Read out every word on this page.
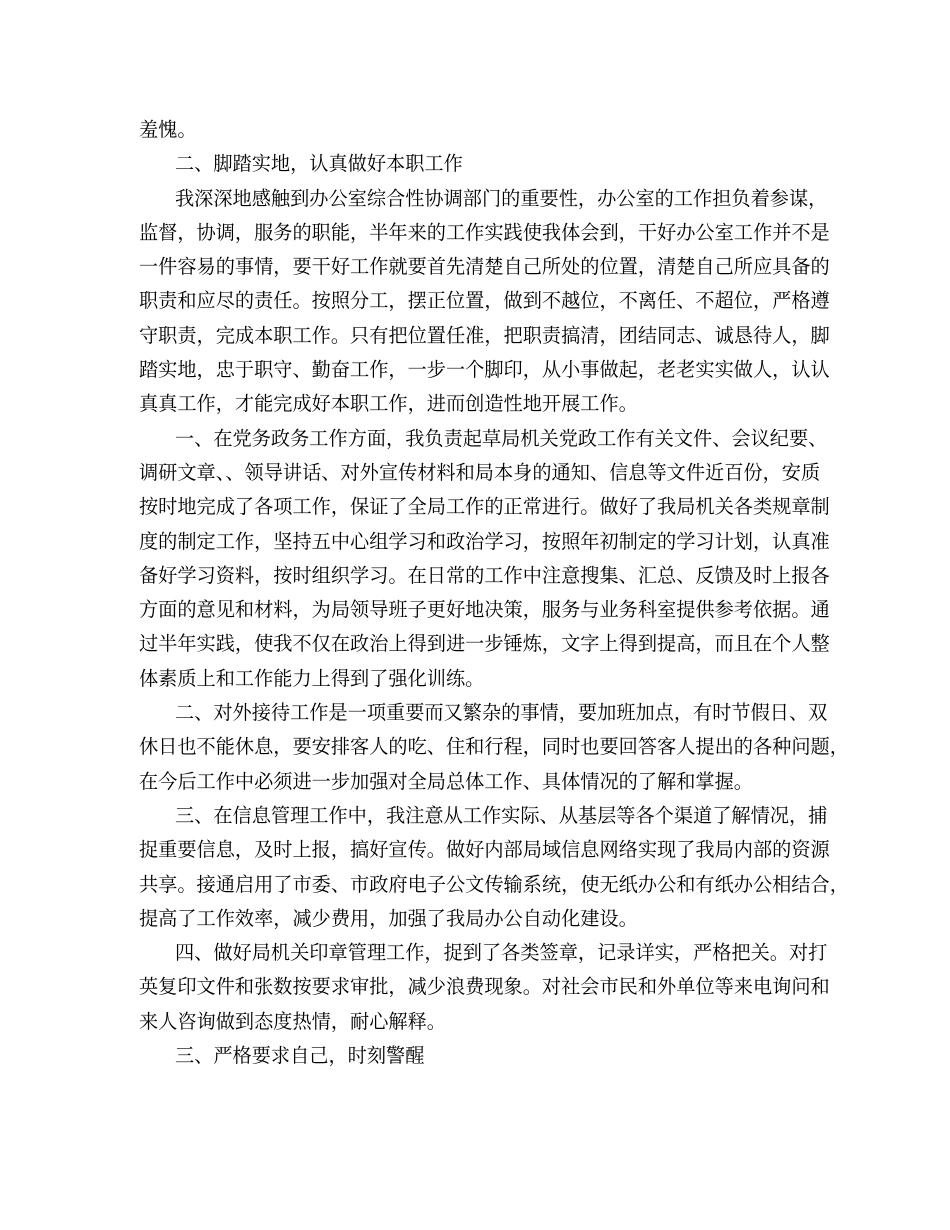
羞愧。
二、脚踏实地，认真做好本职工作
我深深地感触到办公室综合性协调部门的重要性，办公室的工作担负着参谋，
监督，协调，服务的职能，半年来的工作实践使我体会到，干好办公室工作并不是
一件容易的事情，要干好工作就要首先清楚自己所处的位置，清楚自己所应具备的
职责和应尽的责任。按照分工，摆正位置，做到不越位，不离任、不超位，严格遵
守职责，完成本职工作。只有把位置任准，把职责搞清，团结同志、诚恳待人，脚
踏实地，忠于职守、勤奋工作，一步一个脚印，从小事做起，老老实实做人，认认
真真工作，才能完成好本职工作，进而创造性地开展工作。
一、在党务政务工作方面，我负责起草局机关党政工作有关文件、会议纪要、
调研文章、、领导讲话、对外宣传材料和局本身的通知、信息等文件近百份，安质
按时地完成了各项工作，保证了全局工作的正常进行。做好了我局机关各类规章制
度的制定工作，坚持五中心组学习和政治学习，按照年初制定的学习计划，认真准
备好学习资料，按时组织学习。在日常的工作中注意搜集、汇总、反馈及时上报各
方面的意见和材料，为局领导班子更好地决策，服务与业务科室提供参考依据。通
过半年实践，使我不仅在政治上得到进一步锤炼，文字上得到提高，而且在个人整
体素质上和工作能力上得到了强化训练。
二、对外接待工作是一项重要而又繁杂的事情，要加班加点，有时节假日、双
休日也不能休息，要安排客人的吃、住和行程，同时也要回答客人提出的各种问题，
在今后工作中必须进一步加强对全局总体工作、具体情况的了解和掌握。
三、在信息管理工作中，我注意从工作实际、从基层等各个渠道了解情况，捕
捉重要信息，及时上报，搞好宣传。做好内部局域信息网络实现了我局内部的资源
共享。接通启用了市委、市政府电子公文传输系统，使无纸办公和有纸办公相结合，
提高了工作效率，减少费用，加强了我局办公自动化建设。
四、做好局机关印章管理工作，捉到了各类签章，记录详实，严格把关。对打
英复印文件和张数按要求审批，减少浪费现象。对社会市民和外单位等来电询问和
来人咨询做到态度热情，耐心解释。
三、严格要求自己，时刻警醒
